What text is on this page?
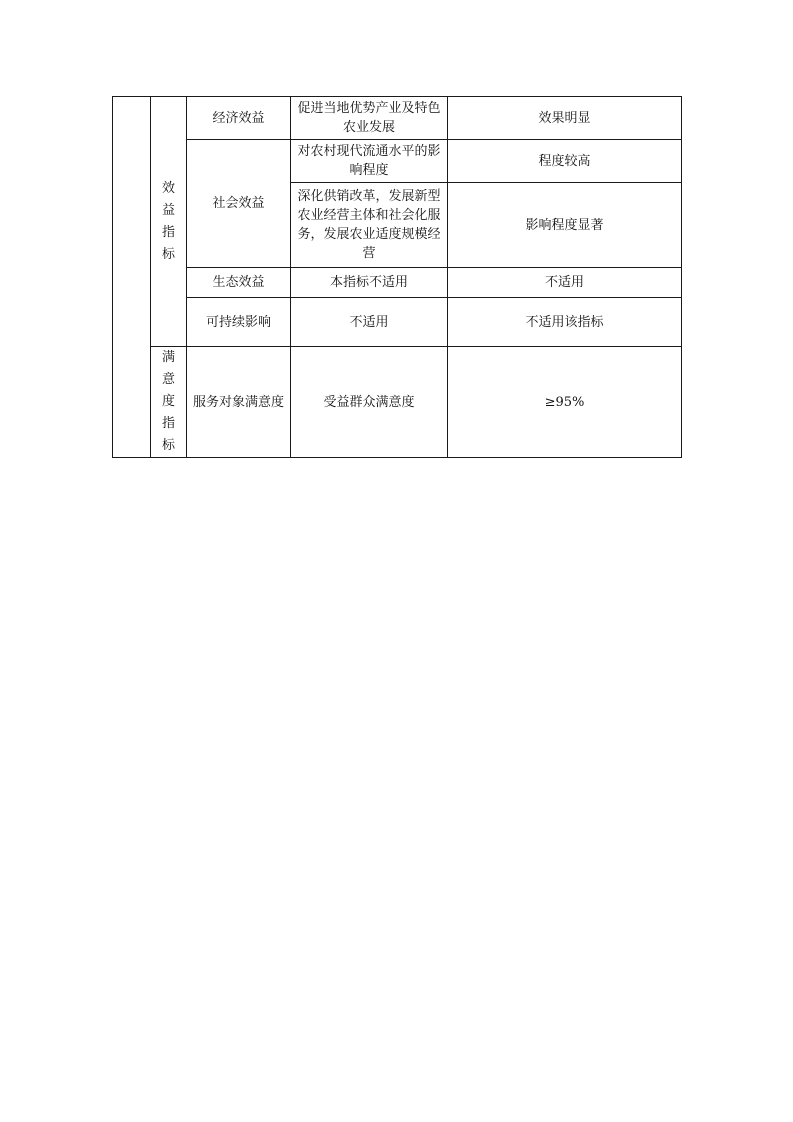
	效益指标	经济效益	促进当地优势产业及特色农业发展	效果明显
		社会效益	对农村现代流通水平的影响程度	程度较高
			深化供销改革，发展新型农业经营主体和社会化服务，发展农业适度规模经营	影响程度显著
		生态效益	本指标不适用	不适用
		可持续影响	不适用	不适用该指标
	满意度指标	服务对象满意度	受益群众满意度	≥95%
